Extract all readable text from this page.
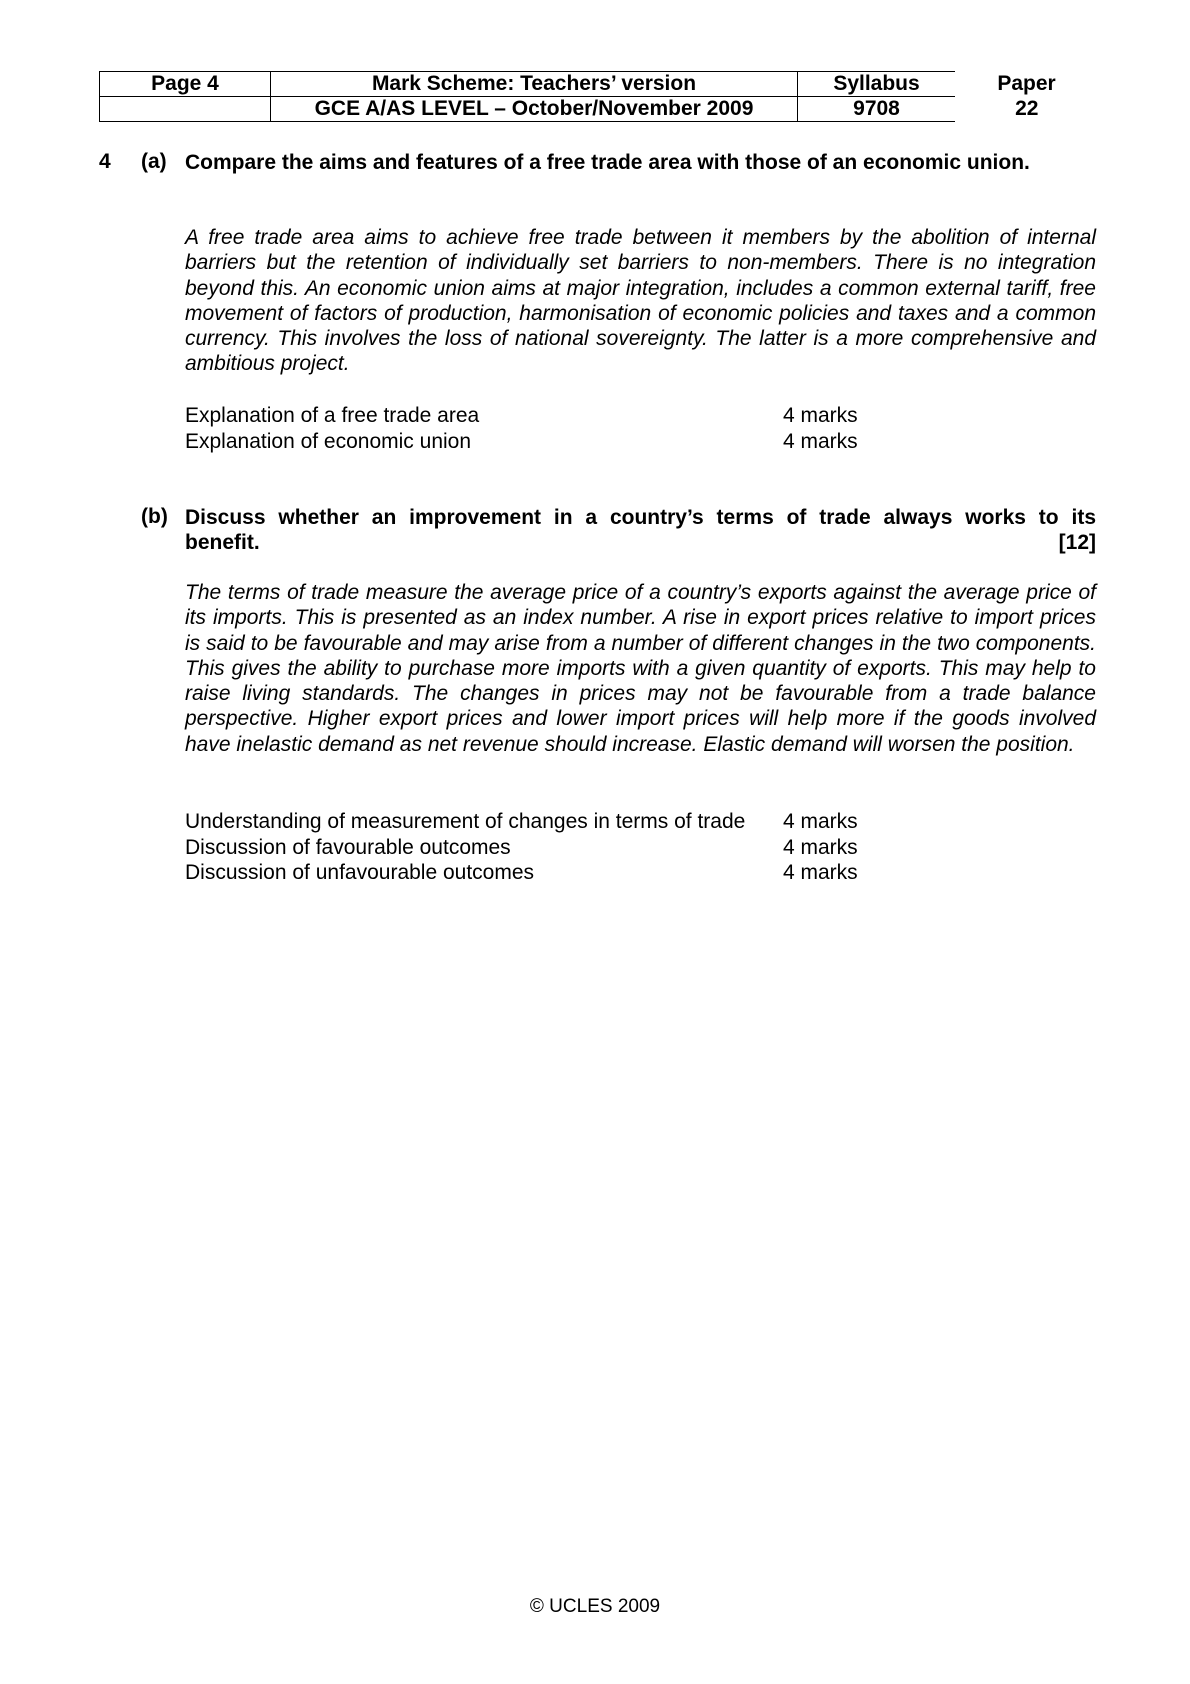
Page 4	Mark Scheme: Teachers’ version	Syllabus	Paper
	GCE A/AS LEVEL – October/November 2009	9708	22
4 (a) Compare the aims and features of a free trade area with those of an economic union.

A free trade area aims to achieve free trade between it members by the abolition of internal barriers but the retention of individually set barriers to non-members. There is no integration beyond this. An economic union aims at major integration, includes a common external tariff, free movement of factors of production, harmonisation of economic policies and taxes and a common currency. This involves the loss of national sovereignty. The latter is a more comprehensive and ambitious project.

Explanation of a free trade area	4 marks
Explanation of economic union	4 marks
(b) Discuss whether an improvement in a country’s terms of trade always works to its
benefit.	[12]

The terms of trade measure the average price of a country’s exports against the average price of its imports. This is presented as an index number. A rise in export prices relative to import prices is said to be favourable and may arise from a number of different changes in the two components. This gives the ability to purchase more imports with a given quantity of exports. This may help to raise living standards. The changes in prices may not be favourable from a trade balance perspective. Higher export prices and lower import prices will help more if the goods involved have inelastic demand as net revenue should increase. Elastic demand will worsen the position.

Understanding of measurement of changes in terms of trade	4 marks
Discussion of favourable outcomes	4 marks
Discussion of unfavourable outcomes	4 marks
© UCLES 2009
